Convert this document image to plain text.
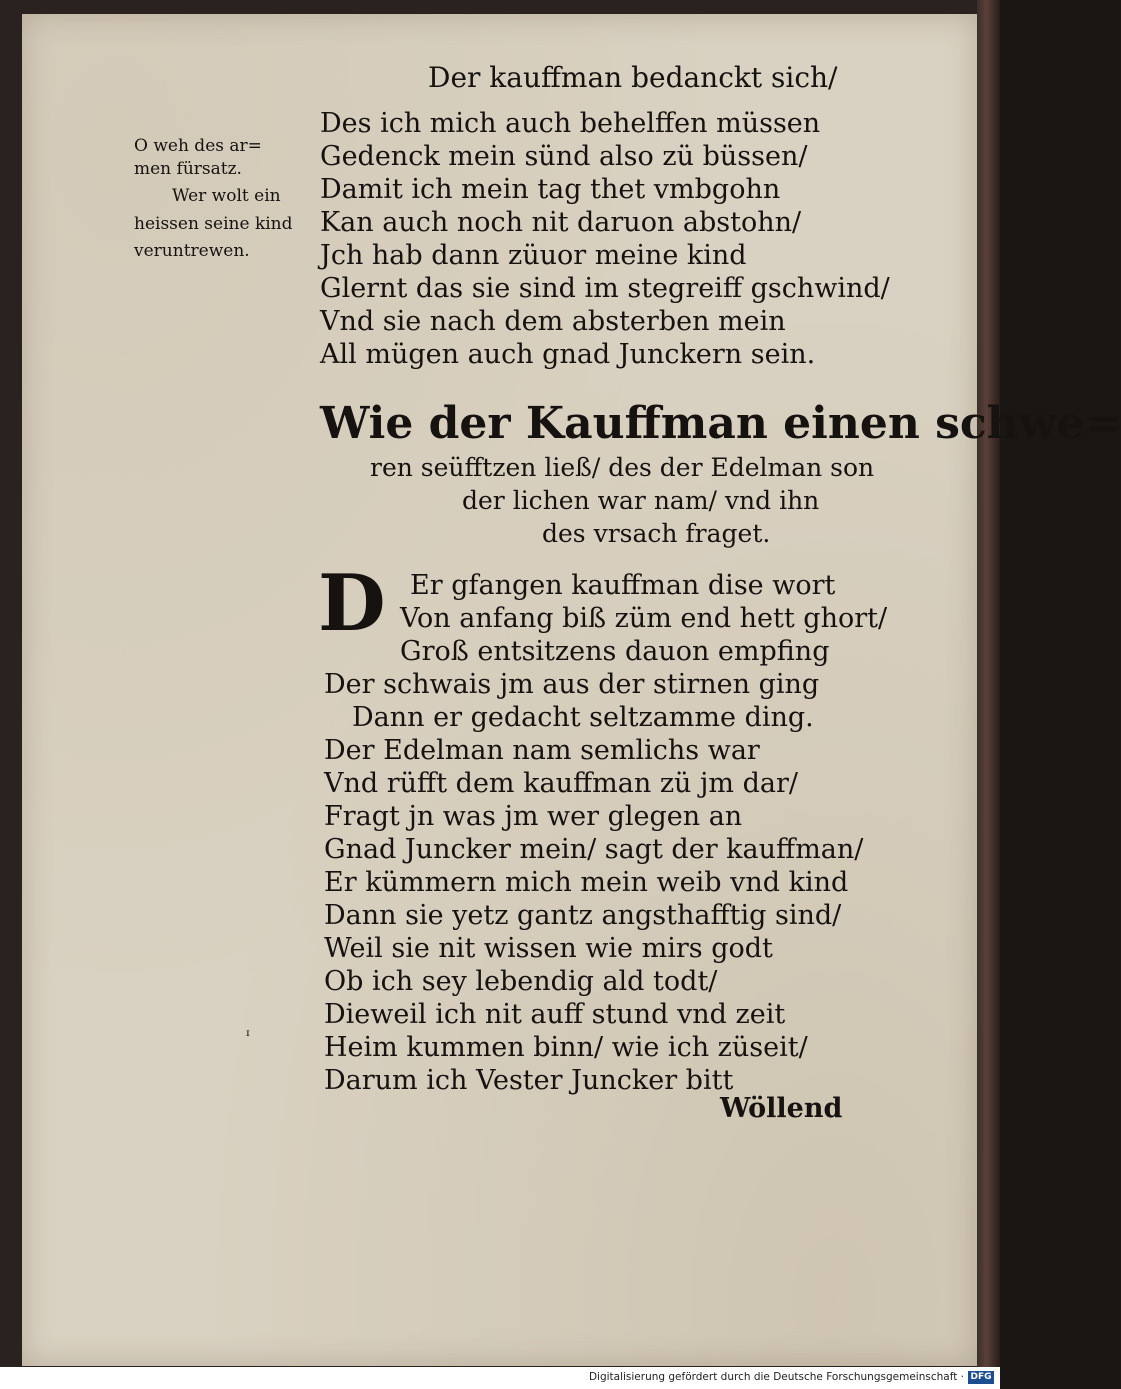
Der kauffman bedanckt sich/
O weh des ar=
men fürsatz.
Wer wolt ein
heissen seine kind
veruntrewen.
Des ich mich auch behelffen müssen
Gedenck mein sünd also zü büssen/
Damit ich mein tag thet vmbgohn
Kan auch noch nit daruon abstohn/
Jch hab dann züuor meine kind
Glernt das sie sind im stegreiff gschwind/
Vnd sie nach dem absterben mein
All mügen auch gnad Junckern sein.
Wie der Kauffman einen schwe=
ren seüfftzen ließ/ des der Edelman son
der lichen war nam/ vnd ihn
des vrsach fraget.
D Er gfangen kauffman dise wort
Von anfang biß züm end hett ghort/
Groß entsitzens dauon empfing
Der schwais jm aus der stirnen ging
Dann er gedacht seltzamme ding.
Der Edelman nam semlichs war
Vnd rüfft dem kauffman zü jm dar/
Fragt jn was jm wer glegen an
Gnad Juncker mein/ sagt der kauffman/
Er kümmern mich mein weib vnd kind
Dann sie yetz gantz angsthafftig sind/
Weil sie nit wissen wie mirs godt
Ob ich sey lebendig ald todt/
Dieweil ich nit auff stund vnd zeit
Heim kummen binn/ wie ich züseit/
Darum ich Vester Juncker bitt
Wöllend
ᶦ
Digitalisierung gefördert durch die Deutsche Forschungsgemeinschaft · DFG
